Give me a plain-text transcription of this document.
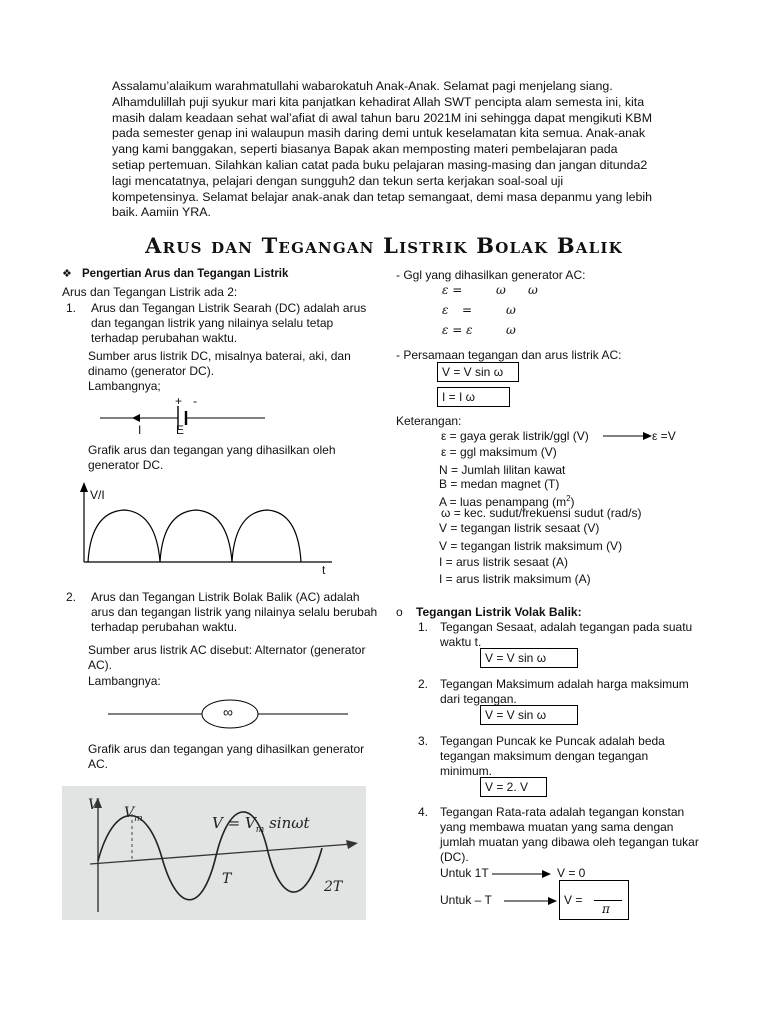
Assalamu’alaikum warahmatullahi wabarokatuh Anak-Anak. Selamat pagi menjelang siang. Alhamdulillah puji syukur mari kita panjatkan kehadirat Allah SWT pencipta alam semesta ini, kita masih dalam keadaan sehat wal’afiat di awal tahun baru 2021M ini sehingga dapat mengikuti KBM pada semester genap ini walaupun masih daring demi untuk keselamatan kita semua. Anak-anak yang kami banggakan, seperti biasanya Bapak akan memposting materi pembelajaran pada setiap pertemuan. Silahkan kalian catat pada buku pelajaran masing-masing dan jangan ditunda2 lagi mencatatnya, pelajari dengan sungguh2 dan tekun serta kerjakan soal-soal uji kompetensinya. Selamat belajar anak-anak dan tetap semangaat, demi masa depanmu yang lebih baik. Aamiin YRA.

Arus dan Tegangan Listrik Bolak Balik
❖ Pengertian Arus dan Tegangan Listrik
Arus dan Tegangan Listrik ada 2:
1. Arus dan Tegangan Listrik Searah (DC) adalah arus dan tegangan listrik yang nilainya selalu tetap terhadap perubahan waktu.

Sumber arus listrik DC, misalnya baterai, aki, dan dinamo (generator DC).

Lambangnya;
+ -
I	E

Grafik arus dan tegangan yang dihasilkan oleh generator DC.

V/I
t
2. Arus dan Tegangan Listrik Bolak Balik (AC) adalah arus dan tegangan listrik yang nilainya selalu berubah terhadap perubahan waktu.

Sumber arus listrik AC disebut: Alternator (generator AC).

Lambangnya:
∞

Grafik arus dan tegangan yang dihasilkan generator AC.

V $V_m$	$V = V_m$ sinωt
T	2T
- Ggl yang dihasilkan generator AC:
ε =	ω ω
ε =	ω
ε = ε	ω
- Persamaan tegangan dan arus listrik AC:
V = V sin ω
I = I ω
Keterangan:
ε = gaya gerak listrik/ggl (V)	ε =V
ε = ggl maksimum (V)
N = Jumlah lilitan kawat
B = medan magnet (T)
A = luas penampang $(m^2)$
ω = kec. sudut/frekuensi sudut (rad/s)
V = tegangan listrik sesaat (V)
V = tegangan listrik maksimum (V)
I = arus listrik sesaat (A)
I = arus listrik maksimum (A)
o Tegangan Listrik Volak Balik:
1. Tegangan Sesaat, adalah tegangan pada suatu waktu t.

V = V sin ω
2. Tegangan Maksimum adalah harga maksimum dari tegangan.

V = V sin ω
3. Tegangan Puncak ke Puncak adalah beda tegangan maksimum dengan tegangan minimum.

V = 2. V
4. Tegangan Rata-rata adalah tegangan konstan yang membawa muatan yang sama dengan jumlah muatan yang dibawa oleh tegangan tukar (DC).

Untuk 1T	V = 0
Untuk – T	V =
π
